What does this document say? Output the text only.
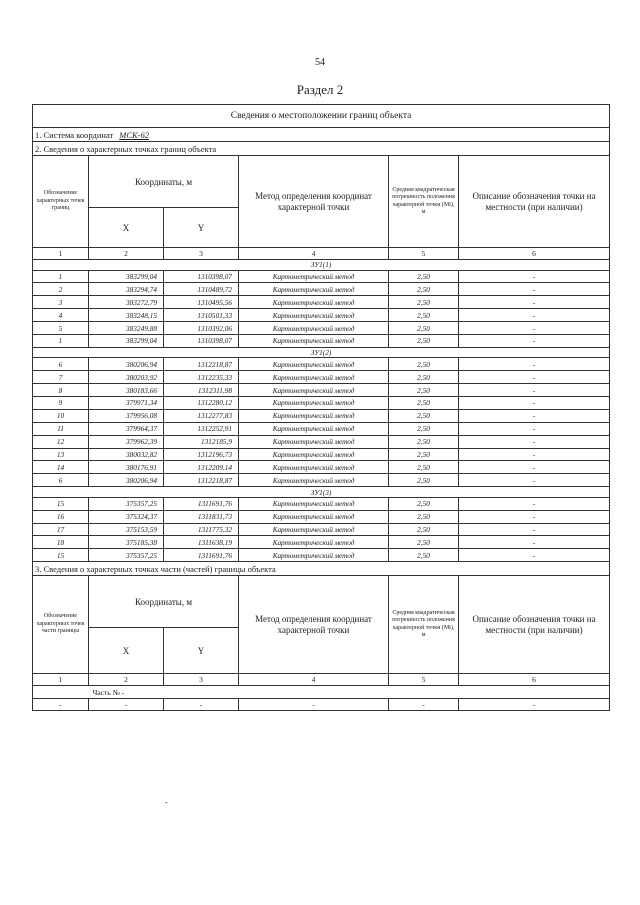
54
Раздел 2
Сведения о местоположении границ объекта					
1. Система координат МСК-62					
2. Сведения о характерных точках границ объекта					
Обозначение характерных точек границ	Координаты, м		Метод определения координат характерной точки	Средняя квадратическая погрешность положения характерной точки (Mt), м	Описание обозначения точки на местности (при наличии)
	X	Y			
1	2	3	4	5	6
ЗУ1(1)					
1	383299,04	1310398,07	Картометрический метод	2,50	-
2	383294,74	1310489,72	Картометрический метод	2,50	-
3	383272,79	1310495,56	Картометрический метод	2,50	-
4	383248,15	1310501,33	Картометрический метод	2,50	-
5	383249,88	1310392,06	Картометрический метод	2,50	-
1	383299,04	1310398,07	Картометрический метод	2,50	-
ЗУ1(2)					
6	380206,94	1312218,87	Картометрический метод	2,50	-
7	380203,92	1312235,33	Картометрический метод	2,50	-
8	380183,66	1312311,98	Картометрический метод	2,50	-
9	379971,34	1312280,12	Картометрический метод	2,50	-
10	379956,08	1312277,83	Картометрический метод	2,50	-
11	379964,37	1312252,91	Картометрический метод	2,50	-
12	379962,39	1312185,9	Картометрический метод	2,50	-
13	380032,82	1312196,73	Картометрический метод	2,50	-
14	380176,91	1312209,14	Картометрический метод	2,50	-
6	380206,94	1312218,87	Картометрический метод	2,50	-
ЗУ1(3)					
15	375357,25	1311691,76	Картометрический метод	2,50	-
16	375324,37	1311831,73	Картометрический метод	2,50	-
17	375153,59	1311775,32	Картометрический метод	2,50	-
18	375185,38	1311638,19	Картометрический метод	2,50	-
15	375357,25	1311691,76	Картометрический метод	2,50	-
3. Сведения о характерных точках части (частей) границы объекта					
Обозначение характерных точек части границы	Координаты, м		Метод определения координат характерной точки	Средняя квадратическая погрешность положения характерной точки (Mt), м	Описание обозначения точки на местности (при наличии)
	X	Y			
1	2	3	4	5	6
	Часть № -				
-	-	-	-	-	-
-
